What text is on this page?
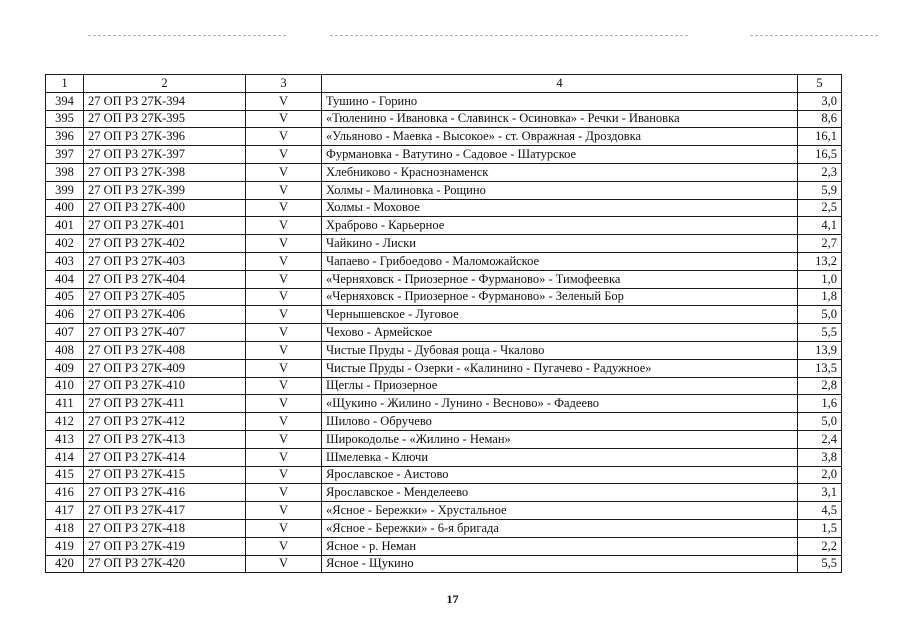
1	2	3	4	5
394	27 ОП РЗ 27К-394	V	Тушино - Горино	3,0
395	27 ОП РЗ 27К-395	V	«Тюленино - Ивановка - Славинск - Осиновка» - Речки - Ивановка	8,6
396	27 ОП РЗ 27К-396	V	«Ульяново - Маевка - Высокое» - ст. Овражная - Дроздовка	16,1
397	27 ОП РЗ 27К-397	V	Фурмановка - Ватутино - Садовое - Шатурское	16,5
398	27 ОП РЗ 27К-398	V	Хлебниково - Краснознаменск	2,3
399	27 ОП РЗ 27К-399	V	Холмы - Малиновка - Рощино	5,9
400	27 ОП РЗ 27К-400	V	Холмы - Моховое	2,5
401	27 ОП РЗ 27К-401	V	Храброво - Карьерное	4,1
402	27 ОП РЗ 27К-402	V	Чайкино - Лиски	2,7
403	27 ОП РЗ 27К-403	V	Чапаево - Грибоедово - Маломожайское	13,2
404	27 ОП РЗ 27К-404	V	«Черняховск - Приозерное - Фурманово» - Тимофеевка	1,0
405	27 ОП РЗ 27К-405	V	«Черняховск - Приозерное - Фурманово» - Зеленый Бор	1,8
406	27 ОП РЗ 27К-406	V	Чернышевское - Луговое	5,0
407	27 ОП РЗ 27К-407	V	Чехово - Армейское	5,5
408	27 ОП РЗ 27К-408	V	Чистые Пруды - Дубовая роща - Чкалово	13,9
409	27 ОП РЗ 27К-409	V	Чистые Пруды - Озерки - «Калинино - Пугачево - Радужное»	13,5
410	27 ОП РЗ 27К-410	V	Щеглы - Приозерное	2,8
411	27 ОП РЗ 27К-411	V	«Щукино - Жилино - Лунино - Весново» - Фадеево	1,6
412	27 ОП РЗ 27К-412	V	Шилово - Обручево	5,0
413	27 ОП РЗ 27К-413	V	Широкодолье - «Жилино - Неман»	2,4
414	27 ОП РЗ 27К-414	V	Шмелевка - Ключи	3,8
415	27 ОП РЗ 27К-415	V	Ярославское - Аистово	2,0
416	27 ОП РЗ 27К-416	V	Ярославское - Менделеево	3,1
417	27 ОП РЗ 27К-417	V	«Ясное - Бережки» - Хрустальное	4,5
418	27 ОП РЗ 27К-418	V	«Ясное - Бережки» - 6-я бригада	1,5
419	27 ОП РЗ 27К-419	V	Ясное - р. Неман	2,2
420	27 ОП РЗ 27К-420	V	Ясное - Щукино	5,5
17
